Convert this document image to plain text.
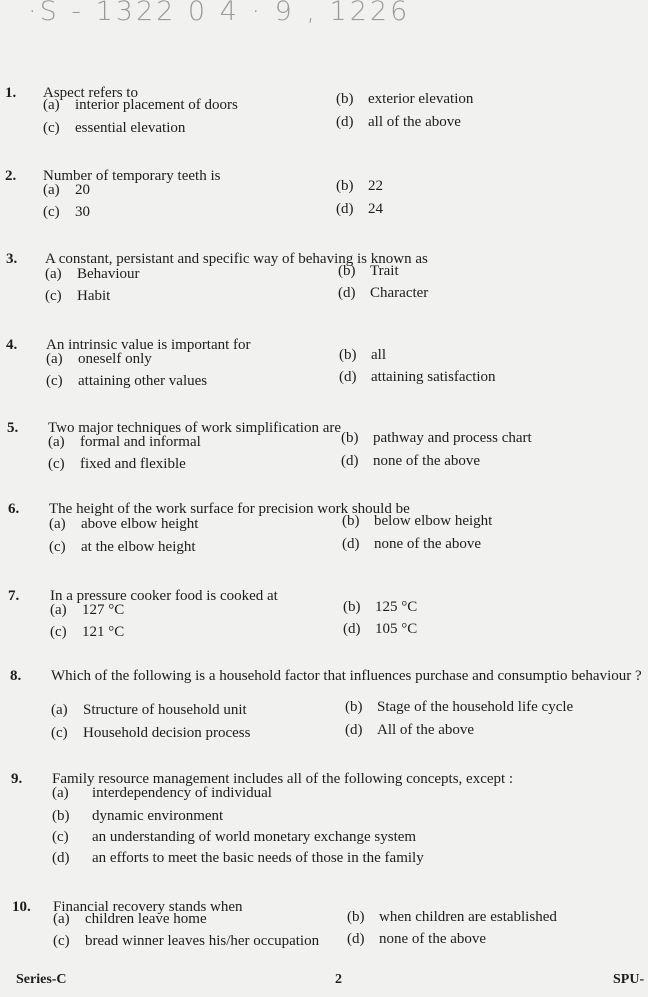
·S - 1322 0 4 · 9 , 1226
1. Aspect refers to
2. Number of temporary teeth is
3. A constant, persistant and specific way of behaving is known as
4. An intrinsic value is important for
5. Two major techniques of work simplification are
6. The height of the work surface for precision work should be
7. In a pressure cooker food is cooked at
8. Which of the following is a household factor that influences purchase and consumptio behaviour ?
9. Family resource management includes all of the following concepts, except :
10. Financial recovery stands when
Series-C	2	SPU-
(a) interior placement of doors	(b) exterior elevation
(c) essential elevation	(d) all of the above
(a) 20	(b) 22
(c) 30	(d) 24
(a) Behaviour	(b) Trait
(c) Habit	(d) Character
(a) oneself only	(b) all
(c) attaining other values	(d) attaining satisfaction
(a) formal and informal	(b) pathway and process chart
(c) fixed and flexible	(d) none of the above
(a) above elbow height	(b) below elbow height
(c) at the elbow height	(d) none of the above
(a) 127 °C	(b) 125 °C
(c) 121 °C	(d) 105 °C
(a) Structure of household unit	(b) Stage of the household life cycle
(c) Household decision process	(d) All of the above
(a) interdependency of individual
(b) dynamic environment
(c) an understanding of world monetary exchange system
(d) an efforts to meet the basic needs of those in the family
(a) children leave home	(b) when children are established
(c) bread winner leaves his/her occupation (d) none of the above
